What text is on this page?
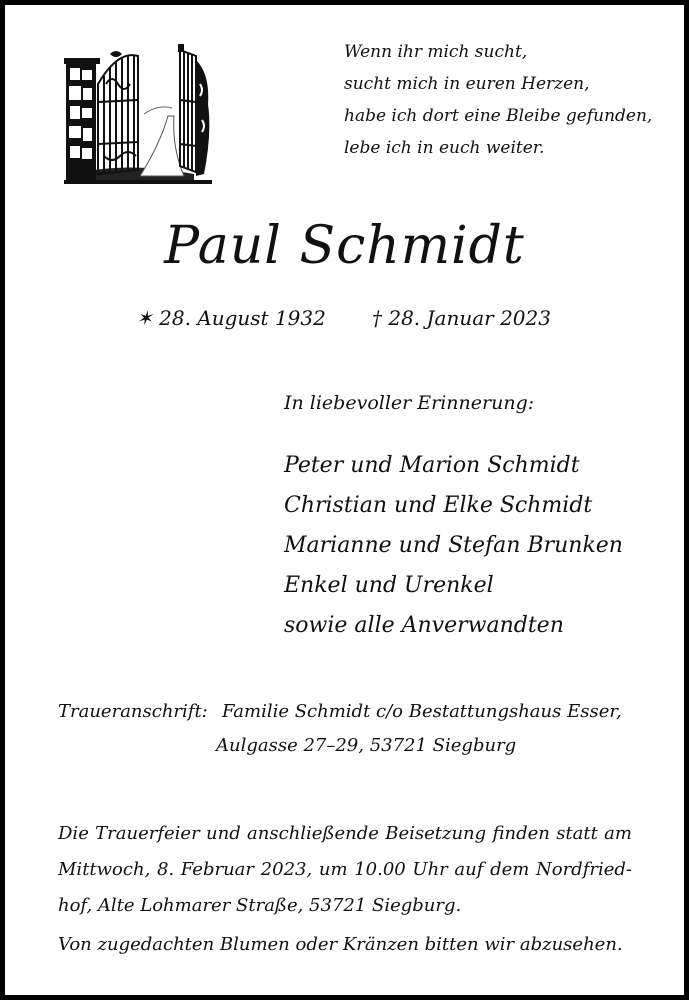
Wenn ihr mich sucht,
sucht mich in euren Herzen,
habe ich dort eine Bleibe gefunden,
lebe ich in euch weiter.
Paul Schmidt
✶ 28. August 1932 † 28. Januar 2023
In liebevoller Erinnerung:
Peter und Marion Schmidt
Christian und Elke Schmidt
Marianne und Stefan Brunken
Enkel und Urenkel
sowie alle Anverwandten
Traueranschrift: Familie Schmidt c/o Bestattungshaus Esser,
Aulgasse 27–29, 53721 Siegburg
Die Trauerfeier und anschließende Beisetzung finden statt am
Mittwoch, 8. Februar 2023, um 10.00 Uhr auf dem Nordfried-
hof, Alte Lohmarer Straße, 53721 Siegburg.
Von zugedachten Blumen oder Kränzen bitten wir abzusehen.
